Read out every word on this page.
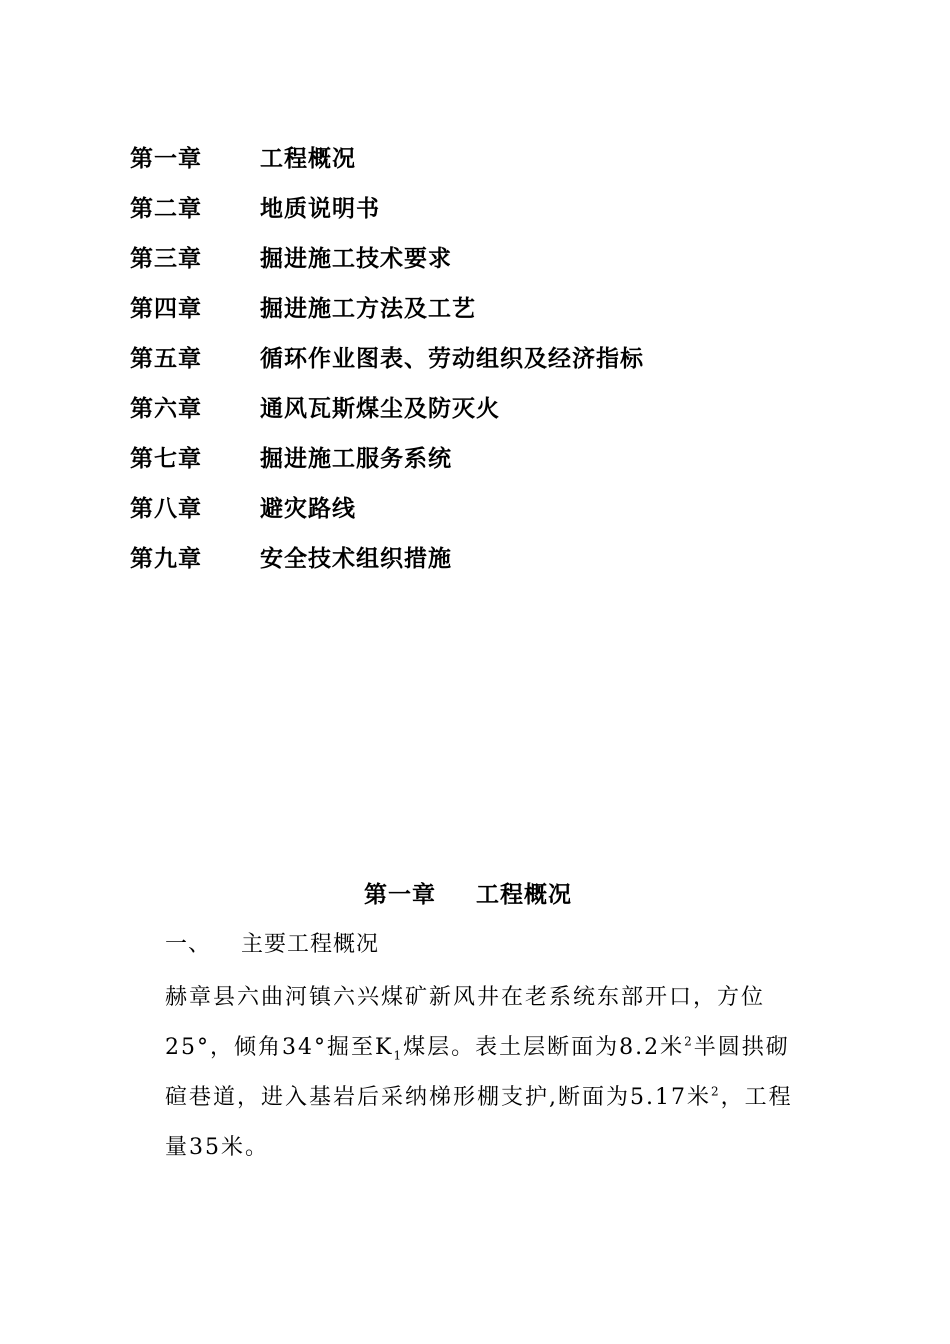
第一章	工程概况
第二章	地质说明书
第三章	掘进施工技术要求
第四章	掘进施工方法及工艺
第五章	循环作业图表、劳动组织及经济指标
第六章	通风瓦斯煤尘及防灭火
第七章	掘进施工服务系统
第八章	避灾路线
第九章	安全技术组织措施
第一章 工程概况
一、 主要工程概况
赫章县六曲河镇六兴煤矿新风井在老系统东部开口，方位25°，倾角34°掘至$K_1$煤层。表土层断面为8.2米$^2$半圆拱砌碹巷道，进入基岩后采纳梯形棚支护,断面为5.17米$^2$，工程量35米。
